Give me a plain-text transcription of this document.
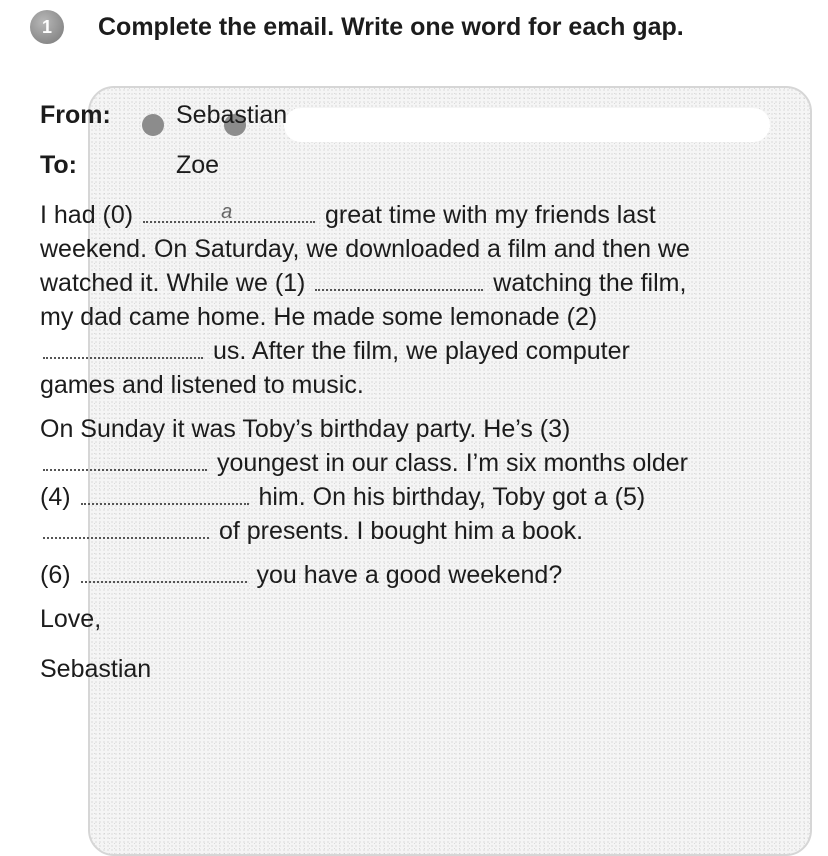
1	Complete the email. Write one word for each gap.
From:	Sebastian
To:	Zoe

I had (0)	a	great time with my friends last weekend. On Saturday, we downloaded a film and then we watched it. While we (1)	watching the film, my dad came home. He made some lemonade (2)  us. After the film, we played computer games and listened to music.

On Sunday it was Toby’s birthday party. He’s (3)  youngest in our class. I’m six months older (4)	him. On his birthday, Toby got a (5)  of presents. I bought him a book.

(6)	you have a good weekend?

Love,
Sebastian
